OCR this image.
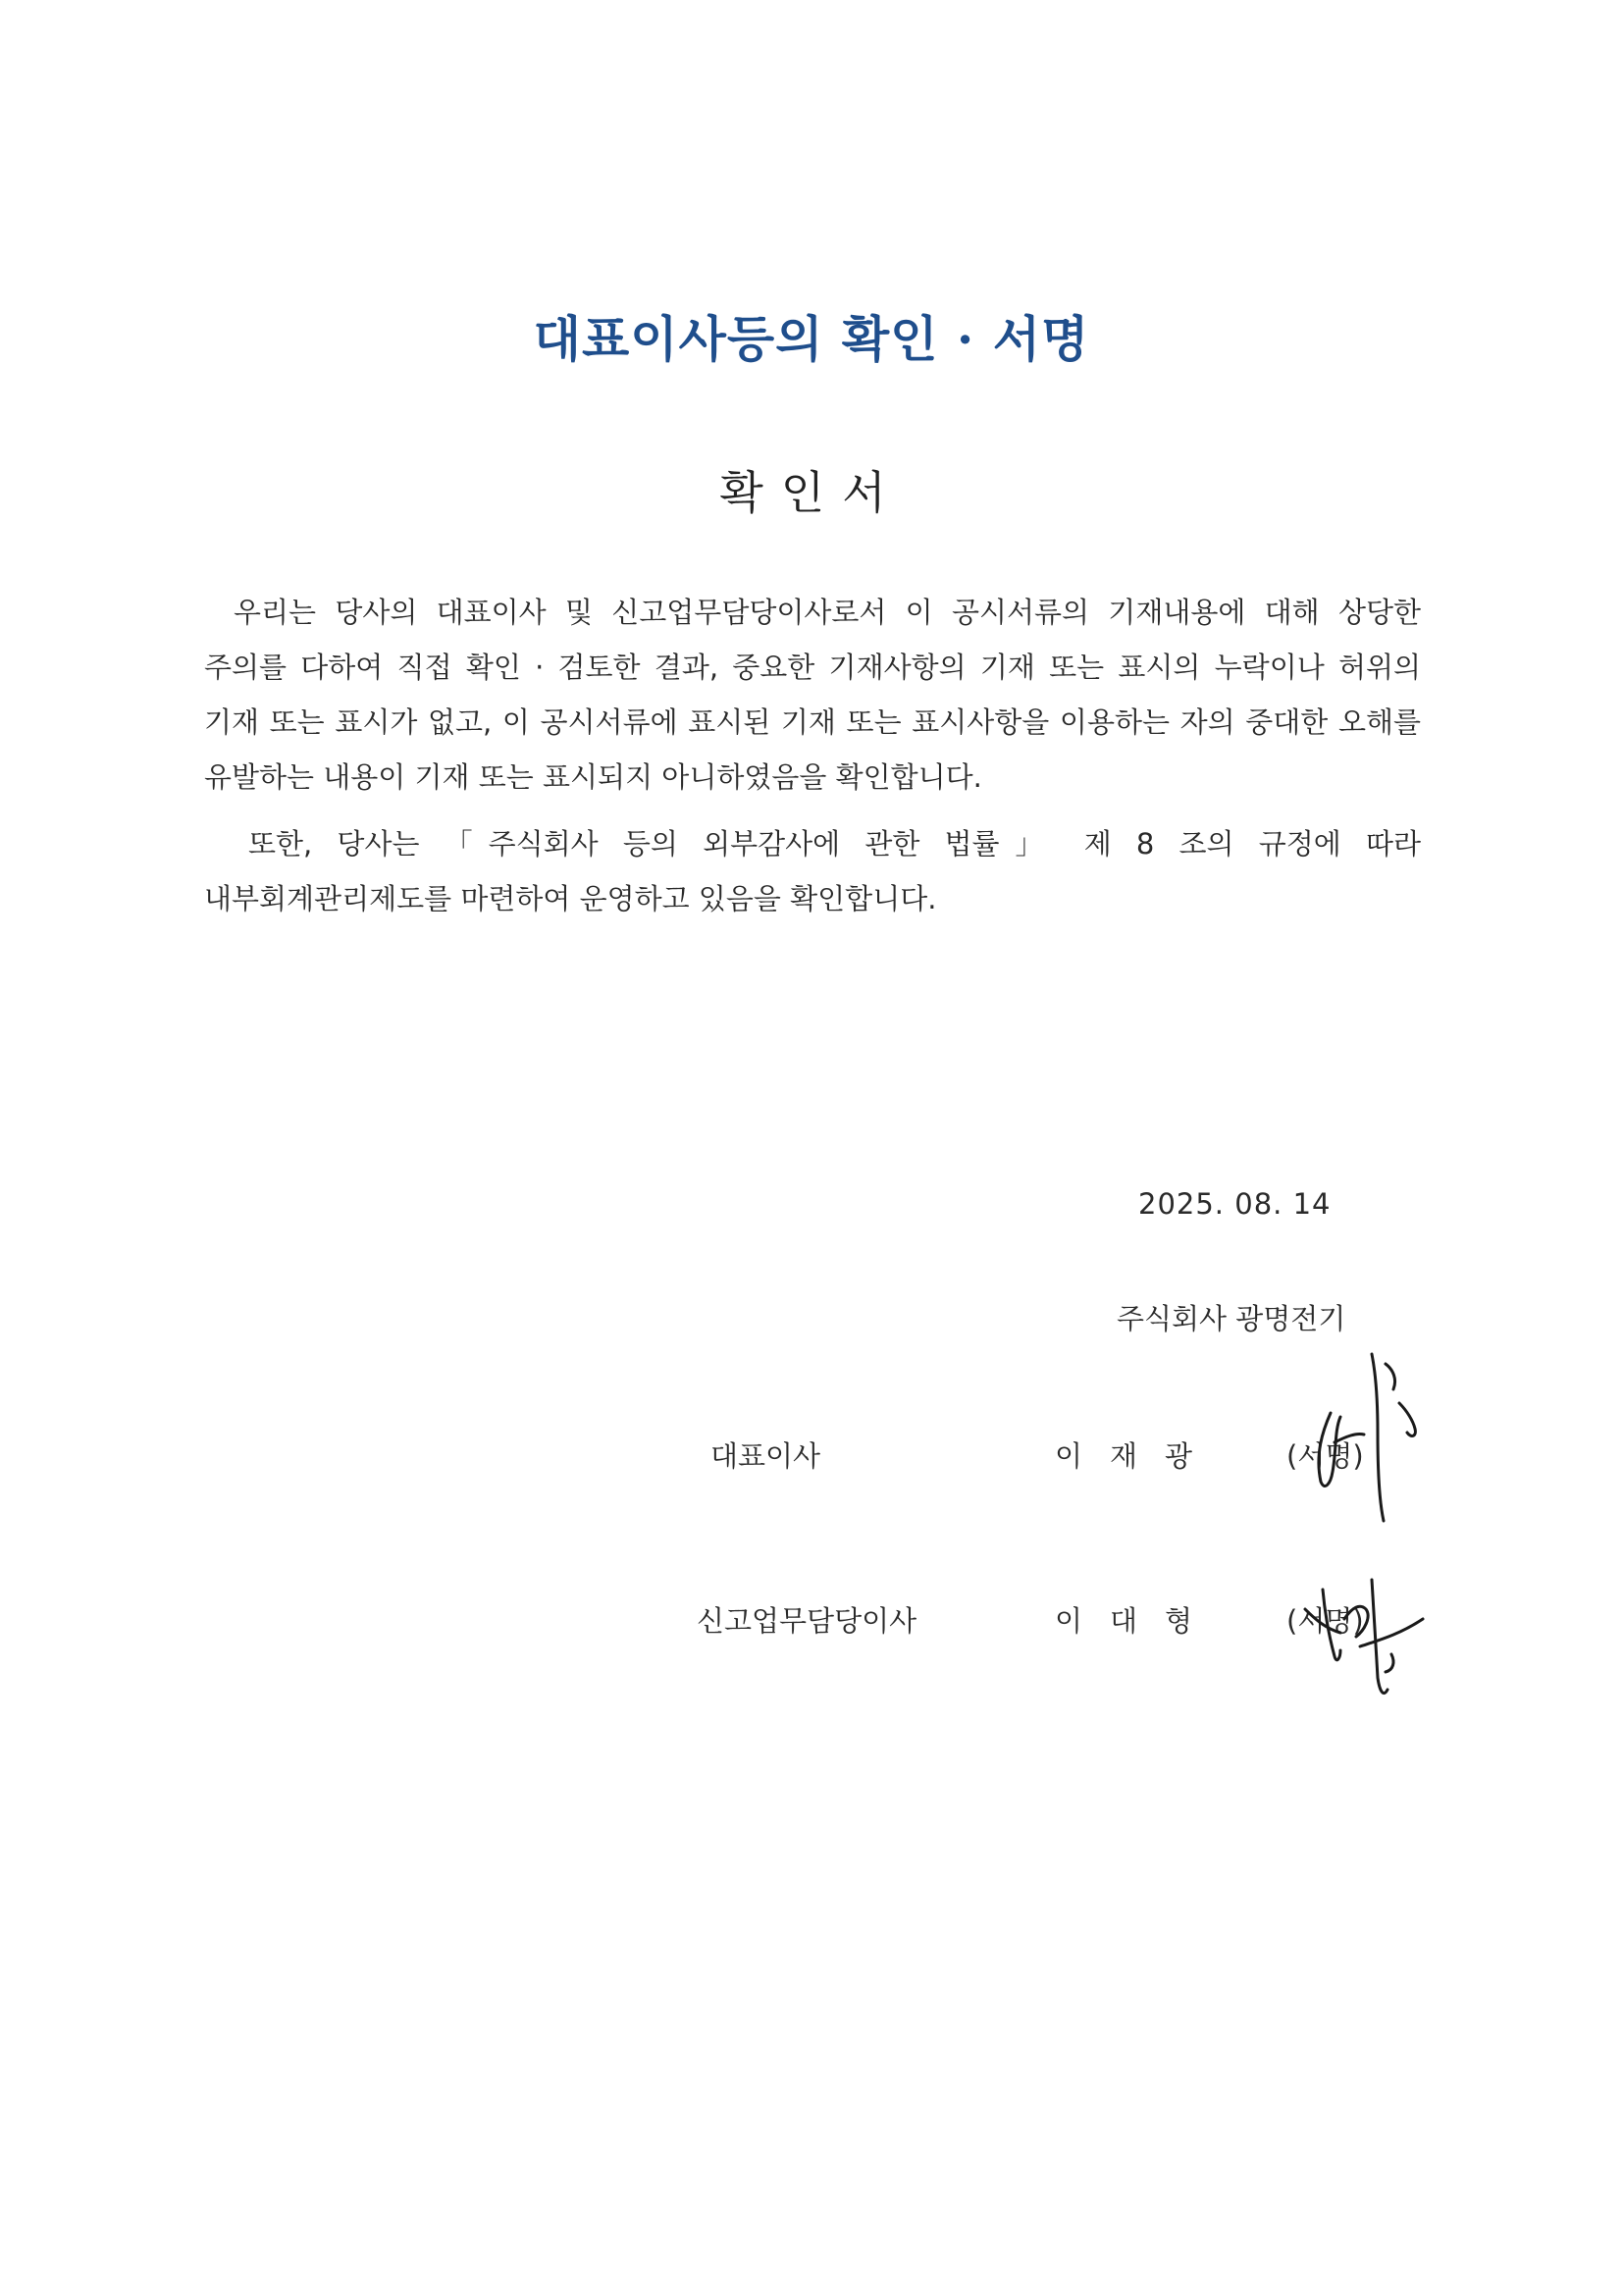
대표이사등의 확인 · 서명
확인서

우리는 당사의 대표이사 및 신고업무담당이사로서 이 공시서류의 기재내용에 대해 상당한 주의를 다하여 직접 확인 · 검토한 결과, 중요한 기재사항의 기재 또는 표시의 누락이나 허위의 기재 또는 표시가 없고, 이 공시서류에 표시된 기재 또는 표시사항을 이용하는 자의 중대한 오해를 유발하는 내용이 기재 또는 표시되지 아니하였음을 확인합니다.

또한, 당사는 「주식회사 등의 외부감사에 관한 법률」 제 8 조의 규정에 따라 내부회계관리제도를 마련하여 운영하고 있음을 확인합니다.

2025. 08. 14
주식회사 광명전기
대표이사	이재광 (서명)
신고업무담당이사	이대형 (서명)
